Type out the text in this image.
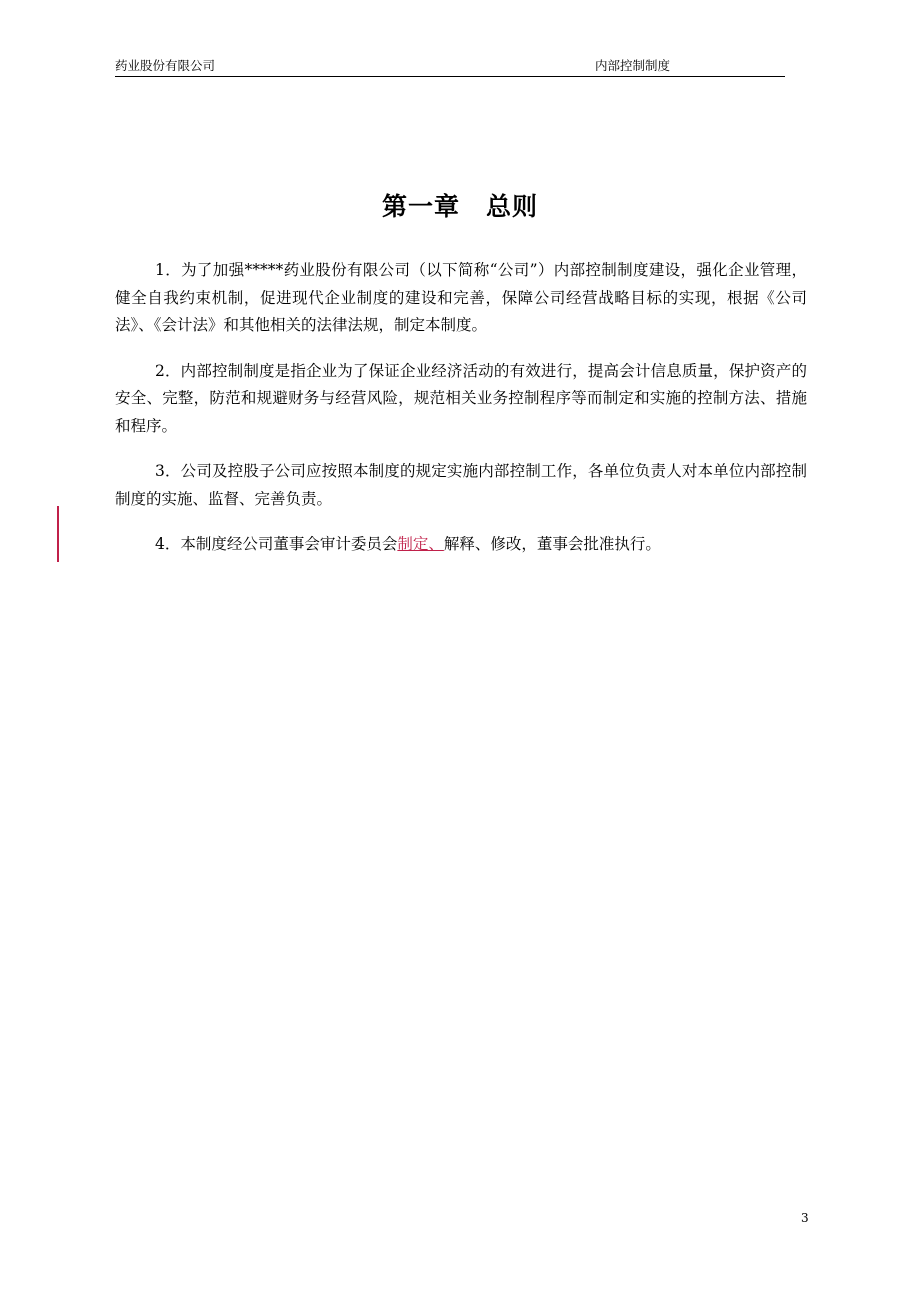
药业股份有限公司	内部控制制度
第一章　总则

1．为了加强*****药业股份有限公司（以下简称“公司”）内部控制制度建设，强化企业管理，健全自我约束机制，促进现代企业制度的建设和完善，保障公司经营战略目标的实现，根据《公司法》、《会计法》和其他相关的法律法规，制定本制度。

2．内部控制制度是指企业为了保证企业经济活动的有效进行，提高会计信息质量，保护资产的安全、完整，防范和规避财务与经营风险，规范相关业务控制程序等而制定和实施的控制方法、措施和程序。

3．公司及控股子公司应按照本制度的规定实施内部控制工作，各单位负责人对本单位内部控制制度的实施、监督、完善负责。

4．本制度经公司董事会审计委员会制定、解释、修改，董事会批准执行。

3
